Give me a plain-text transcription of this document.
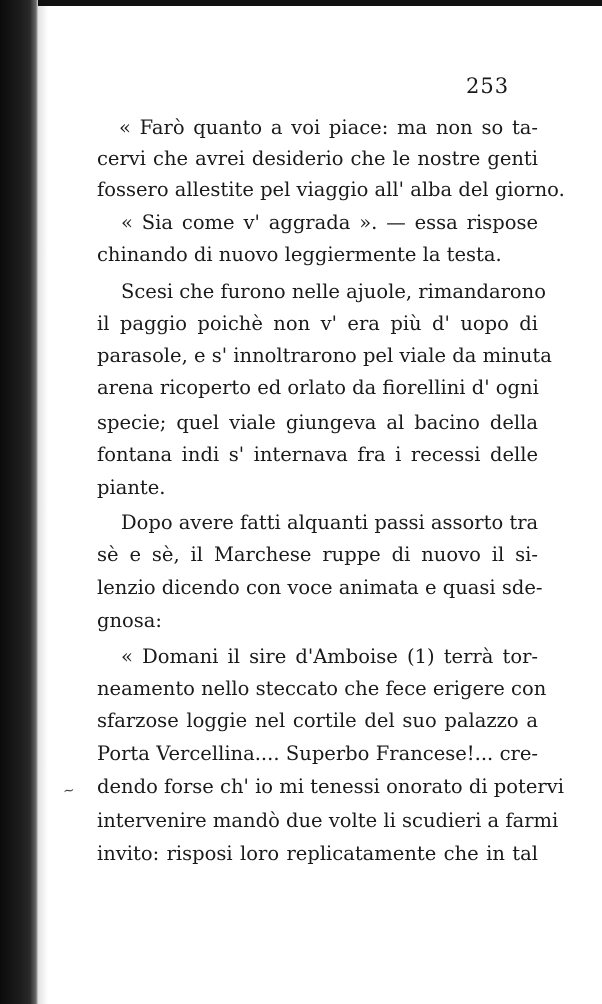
253
« Farò quanto a voi piace: ma non so ta-
cervi che avrei desiderio che le nostre genti
fossero allestite pel viaggio all' alba del giorno.
« Sia come v' aggrada ». — essa rispose
chinando di nuovo leggiermente la testa.
Scesi che furono nelle ajuole, rimandarono
il paggio poichè non v' era più d' uopo di
parasole, e s' innoltrarono pel viale da minuta
arena ricoperto ed orlato da fiorellini d' ogni
specie; quel viale giungeva al bacino della
fontana indi s' internava fra i recessi delle
piante.
Dopo avere fatti alquanti passi assorto tra
sè e sè, il Marchese ruppe di nuovo il si-
lenzio dicendo con voce animata e quasi sde-
gnosa:
« Domani il sire d'Amboise (1) terrà tor-
neamento nello steccato che fece erigere con
sfarzose loggie nel cortile del suo palazzo a
Porta Vercellina.... Superbo Francese!... cre-
dendo forse ch' io mi tenessi onorato di potervi
intervenire mandò due volte li scudieri a farmi
invito: risposi loro replicatamente che in tal
~
